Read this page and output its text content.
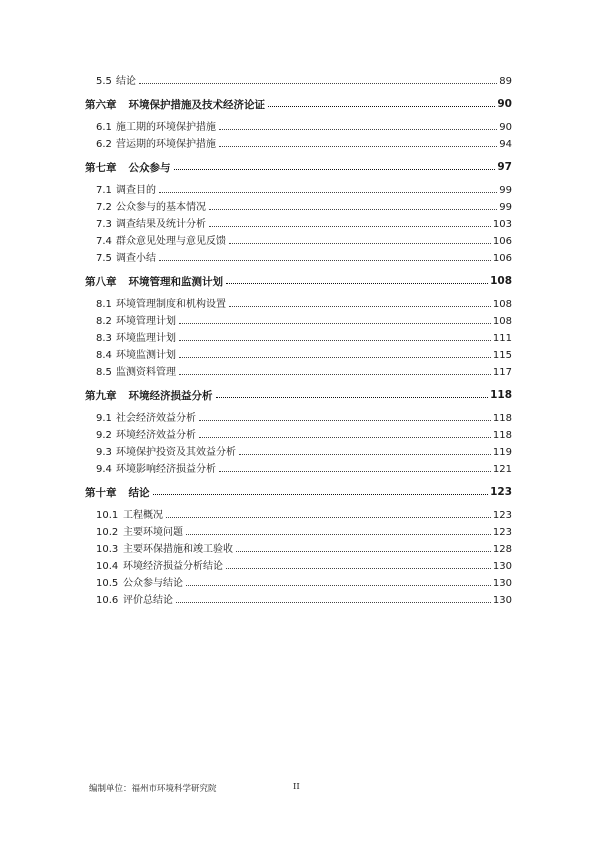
5.5 结论	89
第六章 环境保护措施及技术经济论证	90
6.1 施工期的环境保护措施	90
6.2 营运期的环境保护措施	94
第七章 公众参与	97
7.1 调查目的	99
7.2 公众参与的基本情况	99
7.3 调查结果及统计分析	103
7.4 群众意见处理与意见反馈	106
7.5 调查小结	106
第八章 环境管理和监测计划	108
8.1 环境管理制度和机构设置	108
8.2 环境管理计划	108
8.3 环境监理计划	111
8.4 环境监测计划	115
8.5 监测资料管理	117
第九章 环境经济损益分析	118
9.1 社会经济效益分析	118
9.2 环境经济效益分析	118
9.3 环境保护投资及其效益分析	119
9.4 环境影响经济损益分析	121
第十章 结论	123
10.1 工程概况	123
10.2 主要环境问题	123
10.3 主要环保措施和竣工验收	128
10.4 环境经济损益分析结论	130
10.5 公众参与结论	130
10.6 评价总结论	130
编制单位：福州市环境科学研究院	II
